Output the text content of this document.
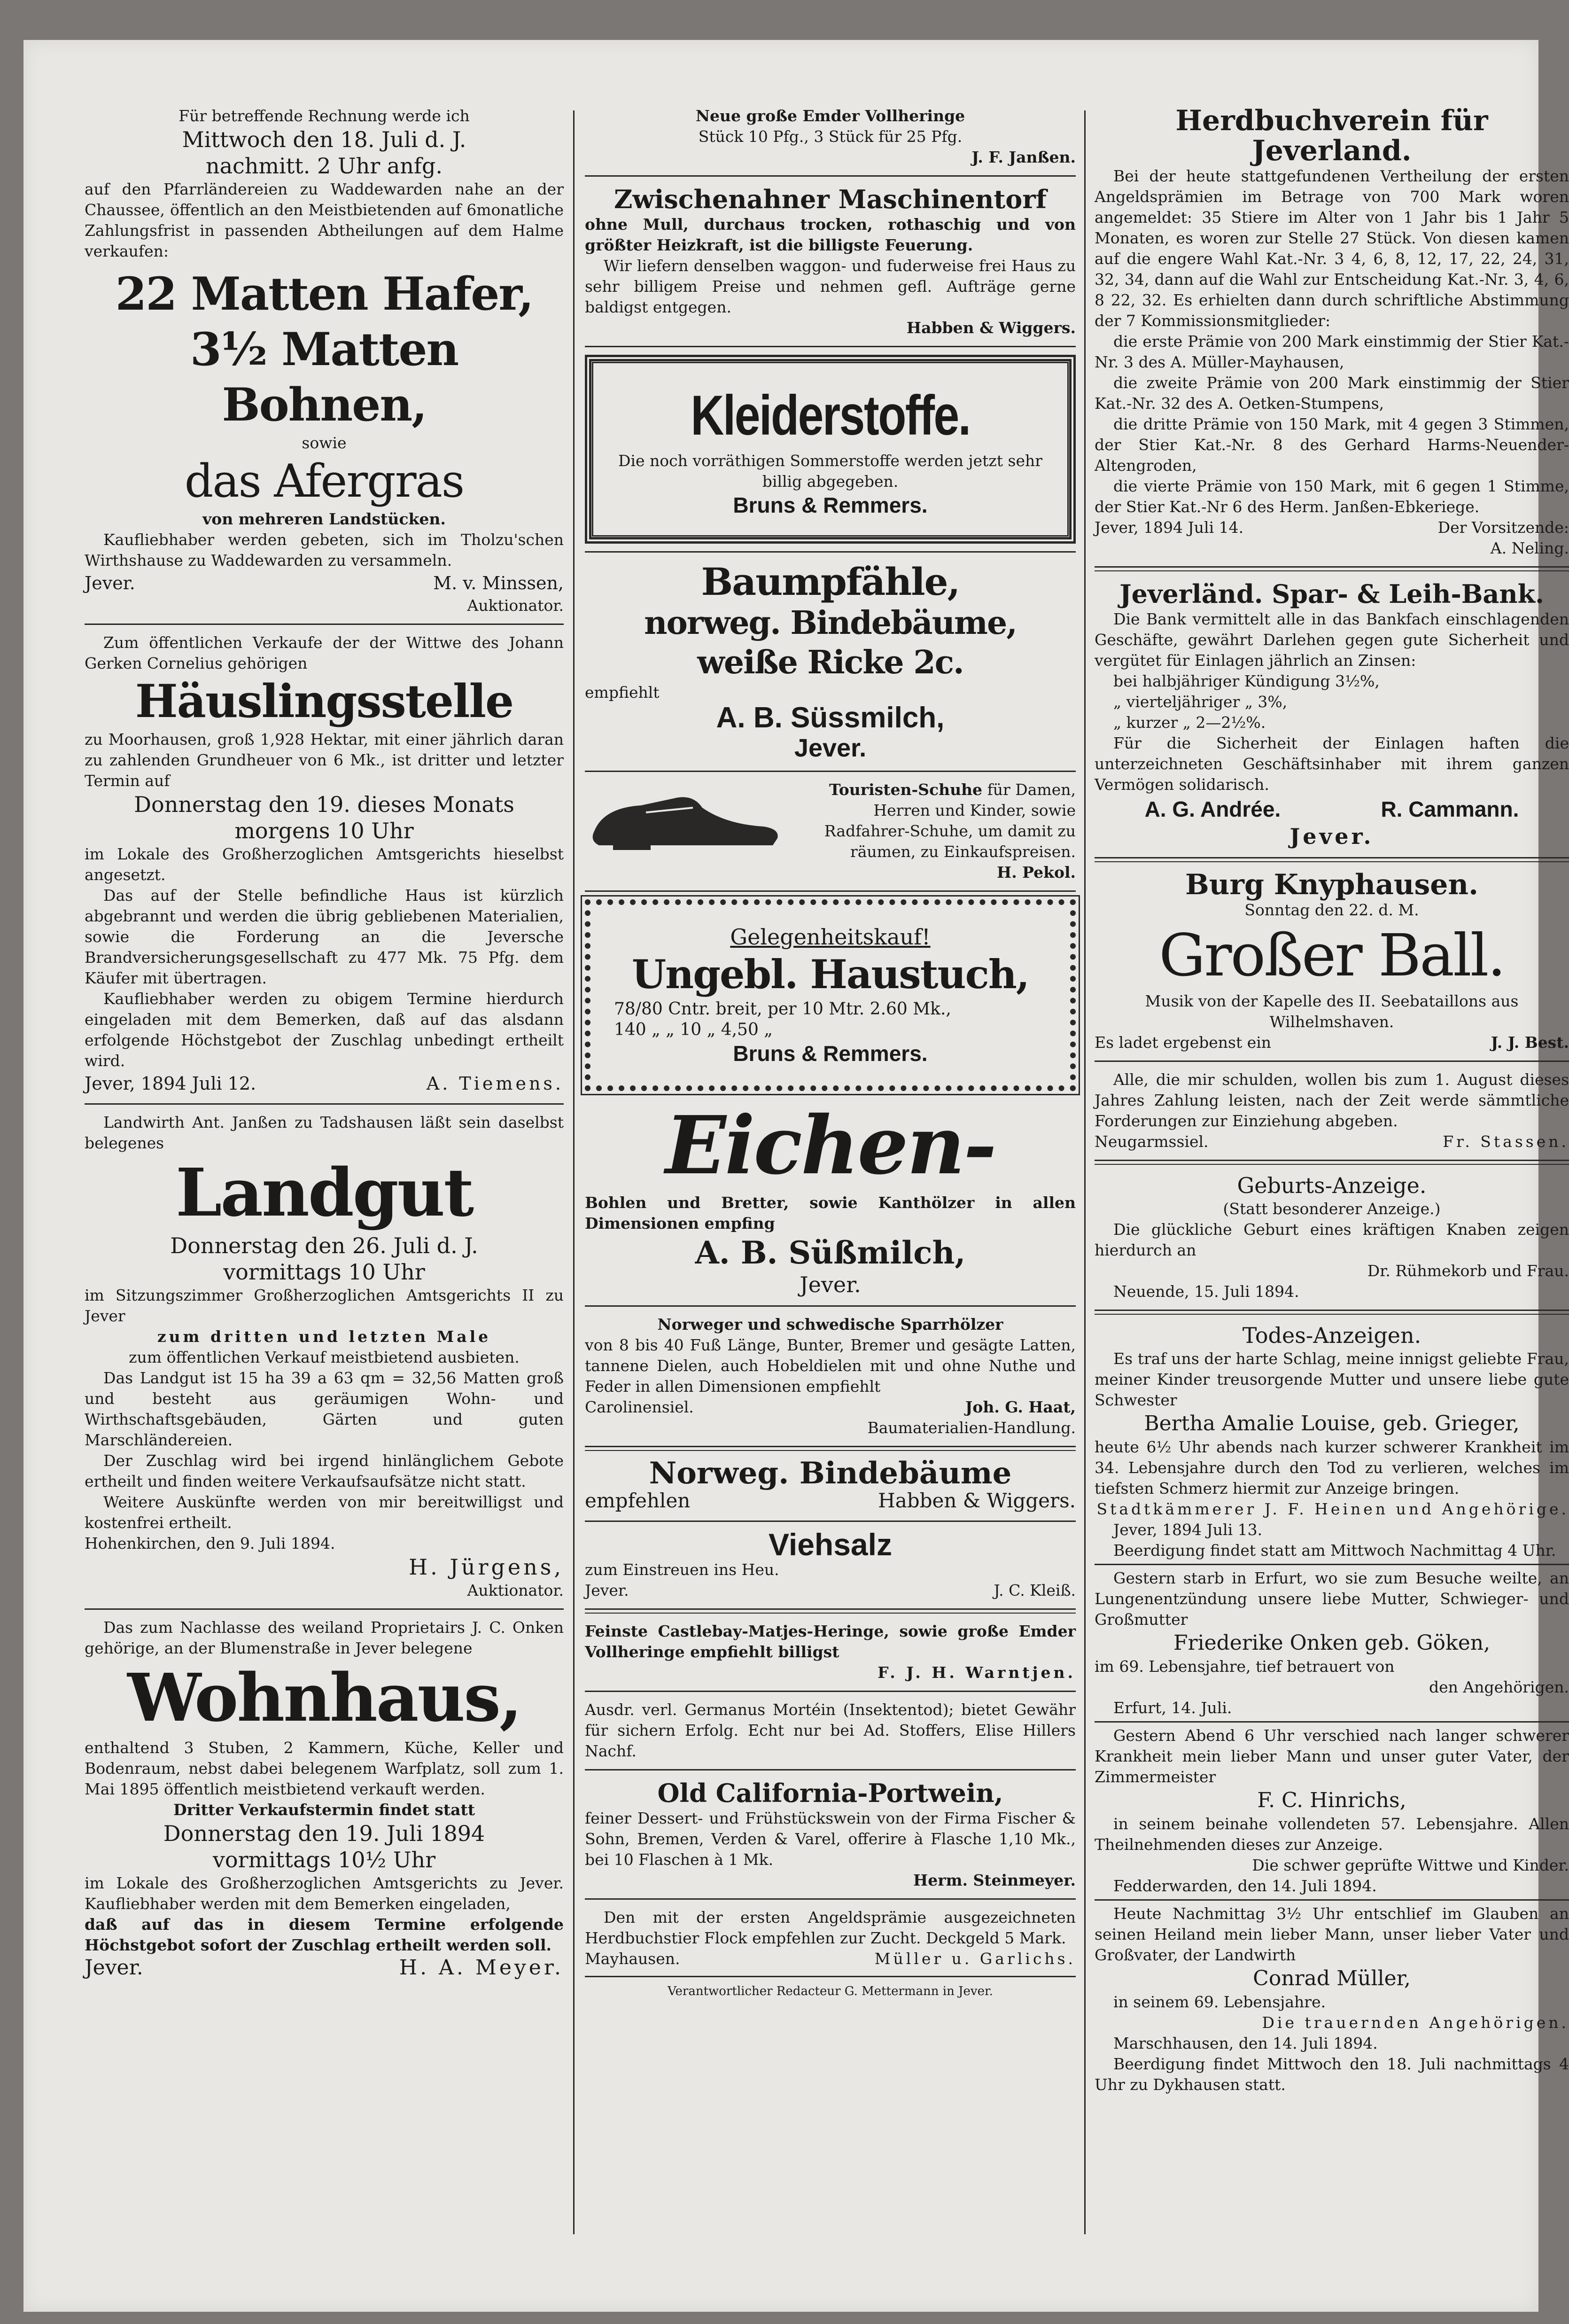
Für betreffende Rechnung werde ich

Mittwoch den 18. Juli d. J.

nachmitt. 2 Uhr anfg.

auf den Pfarrländereien zu Waddewarden nahe an der Chaussee, öffentlich an den Meistbietenden auf 6monatliche Zahlungsfrist in passenden Abtheilungen auf dem Halme verkaufen:

22 Matten Hafer,

3½ Matten Bohnen,

sowie

das Afergras

von mehreren Landstücken.

Kaufliebhaber werden gebeten, sich im Tholzu'schen Wirthshause zu Waddewarden zu versammeln.

Jever.	M. v. Minssen,

Auktionator.

Zum öffentlichen Verkaufe der der Wittwe des Johann Gerken Cornelius gehörigen

Häuslingsstelle

zu Moorhausen, groß 1,928 Hektar, mit einer jährlich daran zu zahlenden Grundheuer von 6 Mk., ist dritter und letzter Termin auf

Donnerstag den 19. dieses Monats

morgens 10 Uhr

im Lokale des Großherzoglichen Amtsgerichts hieselbst angesetzt.

Das auf der Stelle befindliche Haus ist kürzlich abgebrannt und werden die übrig gebliebenen Materialien, sowie die Forderung an die Jeversche Brandversicherungsgesellschaft zu 477 Mk. 75 Pfg. dem Käufer mit übertragen.

Kaufliebhaber werden zu obigem Termine hierdurch eingeladen mit dem Bemerken, daß auf das alsdann erfolgende Höchstgebot der Zuschlag unbedingt ertheilt wird.

Jever, 1894 Juli 12.	A. Tiemens.

Landwirth Ant. Janßen zu Tadshausen läßt sein daselbst belegenes

Landgut

Donnerstag den 26. Juli d. J.

vormittags 10 Uhr

im Sitzungszimmer Großherzoglichen Amtsgerichts II zu Jever

zum dritten und letzten Male

zum öffentlichen Verkauf meistbietend ausbieten.

Das Landgut ist 15 ha 39 a 63 qm = 32,56 Matten groß und besteht aus geräumigen Wohn- und Wirthschaftsgebäuden, Gärten und guten Marschländereien.

Der Zuschlag wird bei irgend hinlänglichem Gebote ertheilt und finden weitere Verkaufsaufsätze nicht statt.

Weitere Auskünfte werden von mir bereitwilligst und kostenfrei ertheilt.

Hohenkirchen, den 9. Juli 1894.

H. Jürgens,

Auktionator.

Das zum Nachlasse des weiland Proprietairs J. C. Onken gehörige, an der Blumenstraße in Jever belegene

Wohnhaus,

enthaltend 3 Stuben, 2 Kammern, Küche, Keller und Bodenraum, nebst dabei belegenem Warfplatz, soll zum 1. Mai 1895 öffentlich meistbietend verkauft werden.

Dritter Verkaufstermin findet statt

Donnerstag den 19. Juli 1894

vormittags 10½ Uhr

im Lokale des Großherzoglichen Amtsgerichts zu Jever. Kaufliebhaber werden mit dem Bemerken eingeladen,

daß auf das in diesem Termine erfolgende Höchstgebot sofort der Zuschlag ertheilt werden soll.

Jever.	H. A. Meyer.

Neue große Emder Vollheringe

Stück 10 Pfg., 3 Stück für 25 Pfg.

J. F. Janßen.

Zwischenahner Maschinentorf

ohne Mull, durchaus trocken, rothaschig und von größter Heizkraft, ist die billigste Feuerung.

Wir liefern denselben waggon- und fuderweise frei Haus zu sehr billigem Preise und nehmen gefl. Aufträge gerne baldigst entgegen.

Habben & Wiggers.

Kleiderstoffe.

Die noch vorräthigen Sommerstoffe werden jetzt sehr billig abgegeben.

Bruns & Remmers.

Baumpfähle,

norweg. Bindebäume,

weiße Ricke 2c.

empfiehlt

A. B. Süssmilch,

Jever.

Touristen-Schuhe für Damen, Herren und Kinder, sowie Radfahrer-Schuhe, um damit zu räumen, zu Einkaufspreisen.

H. Pekol.

Gelegenheitskauf!

Ungebl. Haustuch,

78/80 Cntr. breit, per 10 Mtr. 2.60 Mk.,

140 „ „ 10 „ 4,50 „

Bruns & Remmers.

Eichen-

Bohlen und Bretter, sowie Kanthölzer in allen Dimensionen empfing

A. B. Süßmilch,

Jever.

Norweger und schwedische Sparrhölzer

von 8 bis 40 Fuß Länge, Bunter, Bremer und gesägte Latten, tannene Dielen, auch Hobeldielen mit und ohne Nuthe und Feder in allen Dimensionen empfiehlt

Carolinensiel.	Joh. G. Haat,

Baumaterialien-Handlung.

Norweg. Bindebäume

empfehlen	Habben & Wiggers.

Viehsalz

zum Einstreuen ins Heu.

Jever.	J. C. Kleiß.

Feinste Castlebay-Matjes-Heringe, sowie große Emder Vollheringe empfiehlt billigst

F. J. H. Warntjen.

Ausdr. verl. Germanus Mortéin (Insektentod); bietet Gewähr für sichern Erfolg. Echt nur bei Ad. Stoffers, Elise Hillers Nachf.

Old California-Portwein,

feiner Dessert- und Frühstückswein von der Firma Fischer & Sohn, Bremen, Verden & Varel, offerire à Flasche 1,10 Mk., bei 10 Flaschen à 1 Mk.

Herm. Steinmeyer.

Den mit der ersten Angeldsprämie ausgezeichneten Herdbuchstier Flock empfehlen zur Zucht. Deckgeld 5 Mark.

Mayhausen.	Müller u. Garlichs.

Verantwortlicher Redacteur G. Mettermann in Jever.

Herdbuchverein für Jeverland.

Bei der heute stattgefundenen Vertheilung der ersten Angeldsprämien im Betrage von 700 Mark woren angemeldet: 35 Stiere im Alter von 1 Jahr bis 1 Jahr 5 Monaten, es woren zur Stelle 27 Stück. Von diesen kamen auf die engere Wahl Kat.-Nr. 3 4, 6, 8, 12, 17, 22, 24, 31, 32, 34, dann auf die Wahl zur Entscheidung Kat.-Nr. 3, 4, 6, 8 22, 32. Es erhielten dann durch schriftliche Abstimmung der 7 Kommissionsmitglieder:

die erste Prämie von 200 Mark einstimmig der Stier Kat.-Nr. 3 des A. Müller-Mayhausen,

die zweite Prämie von 200 Mark einstimmig der Stier Kat.-Nr. 32 des A. Oetken-Stumpens,

die dritte Prämie von 150 Mark, mit 4 gegen 3 Stimmen, der Stier Kat.-Nr. 8 des Gerhard Harms-Neuender-Altengroden,

die vierte Prämie von 150 Mark, mit 6 gegen 1 Stimme, der Stier Kat.-Nr 6 des Herm. Janßen-Ebkeriege.

Jever, 1894 Juli 14.	Der Vorsitzende:

A. Neling.

Jeverländ. Spar- & Leih-Bank.

Die Bank vermittelt alle in das Bankfach einschlagenden Geschäfte, gewährt Darlehen gegen gute Sicherheit und vergütet für Einlagen jährlich an Zinsen:

bei halbjähriger Kündigung 3½%,

„ vierteljähriger „ 3%,

„ kurzer „ 2—2½%.

Für die Sicherheit der Einlagen haften die unterzeichneten Geschäftsinhaber mit ihrem ganzen Vermögen solidarisch.

A. G. Andrée.	R. Cammann.

Jever.

Burg Knyphausen.

Sonntag den 22. d. M.

Großer Ball.

Musik von der Kapelle des II. Seebataillons aus Wilhelmshaven.

Es ladet ergebenst ein	J. J. Best.

Alle, die mir schulden, wollen bis zum 1. August dieses Jahres Zahlung leisten, nach der Zeit werde sämmtliche Forderungen zur Einziehung abgeben.

Neugarmssiel.	Fr. Stassen.

Geburts-Anzeige.

(Statt besonderer Anzeige.)

Die glückliche Geburt eines kräftigen Knaben zeigen hierdurch an

Dr. Rühmekorb und Frau.

Neuende, 15. Juli 1894.

Todes-Anzeigen.

Es traf uns der harte Schlag, meine innigst geliebte Frau, meiner Kinder treusorgende Mutter und unsere liebe gute Schwester

Bertha Amalie Louise, geb. Grieger,

heute 6½ Uhr abends nach kurzer schwerer Krankheit im 34. Lebensjahre durch den Tod zu verlieren, welches im tiefsten Schmerz hiermit zur Anzeige bringen.

Stadtkämmerer J. F. Heinen und Angehörige.

Jever, 1894 Juli 13.

Beerdigung findet statt am Mittwoch Nachmittag 4 Uhr.

Gestern starb in Erfurt, wo sie zum Besuche weilte, an Lungenentzündung unsere liebe Mutter, Schwieger- und Großmutter

Friederike Onken geb. Göken,

im 69. Lebensjahre, tief betrauert von

den Angehörigen.

Erfurt, 14. Juli.

Gestern Abend 6 Uhr verschied nach langer schwerer Krankheit mein lieber Mann und unser guter Vater, der Zimmermeister

F. C. Hinrichs,

in seinem beinahe vollendeten 57. Lebensjahre. Allen Theilnehmenden dieses zur Anzeige.

Die schwer geprüfte Wittwe und Kinder.

Fedderwarden, den 14. Juli 1894.

Heute Nachmittag 3½ Uhr entschlief im Glauben an seinen Heiland mein lieber Mann, unser lieber Vater und Großvater, der Landwirth

Conrad Müller,

in seinem 69. Lebensjahre.

Die trauernden Angehörigen.

Marschhausen, den 14. Juli 1894.

Beerdigung findet Mittwoch den 18. Juli nachmittags 4 Uhr zu Dykhausen statt.
